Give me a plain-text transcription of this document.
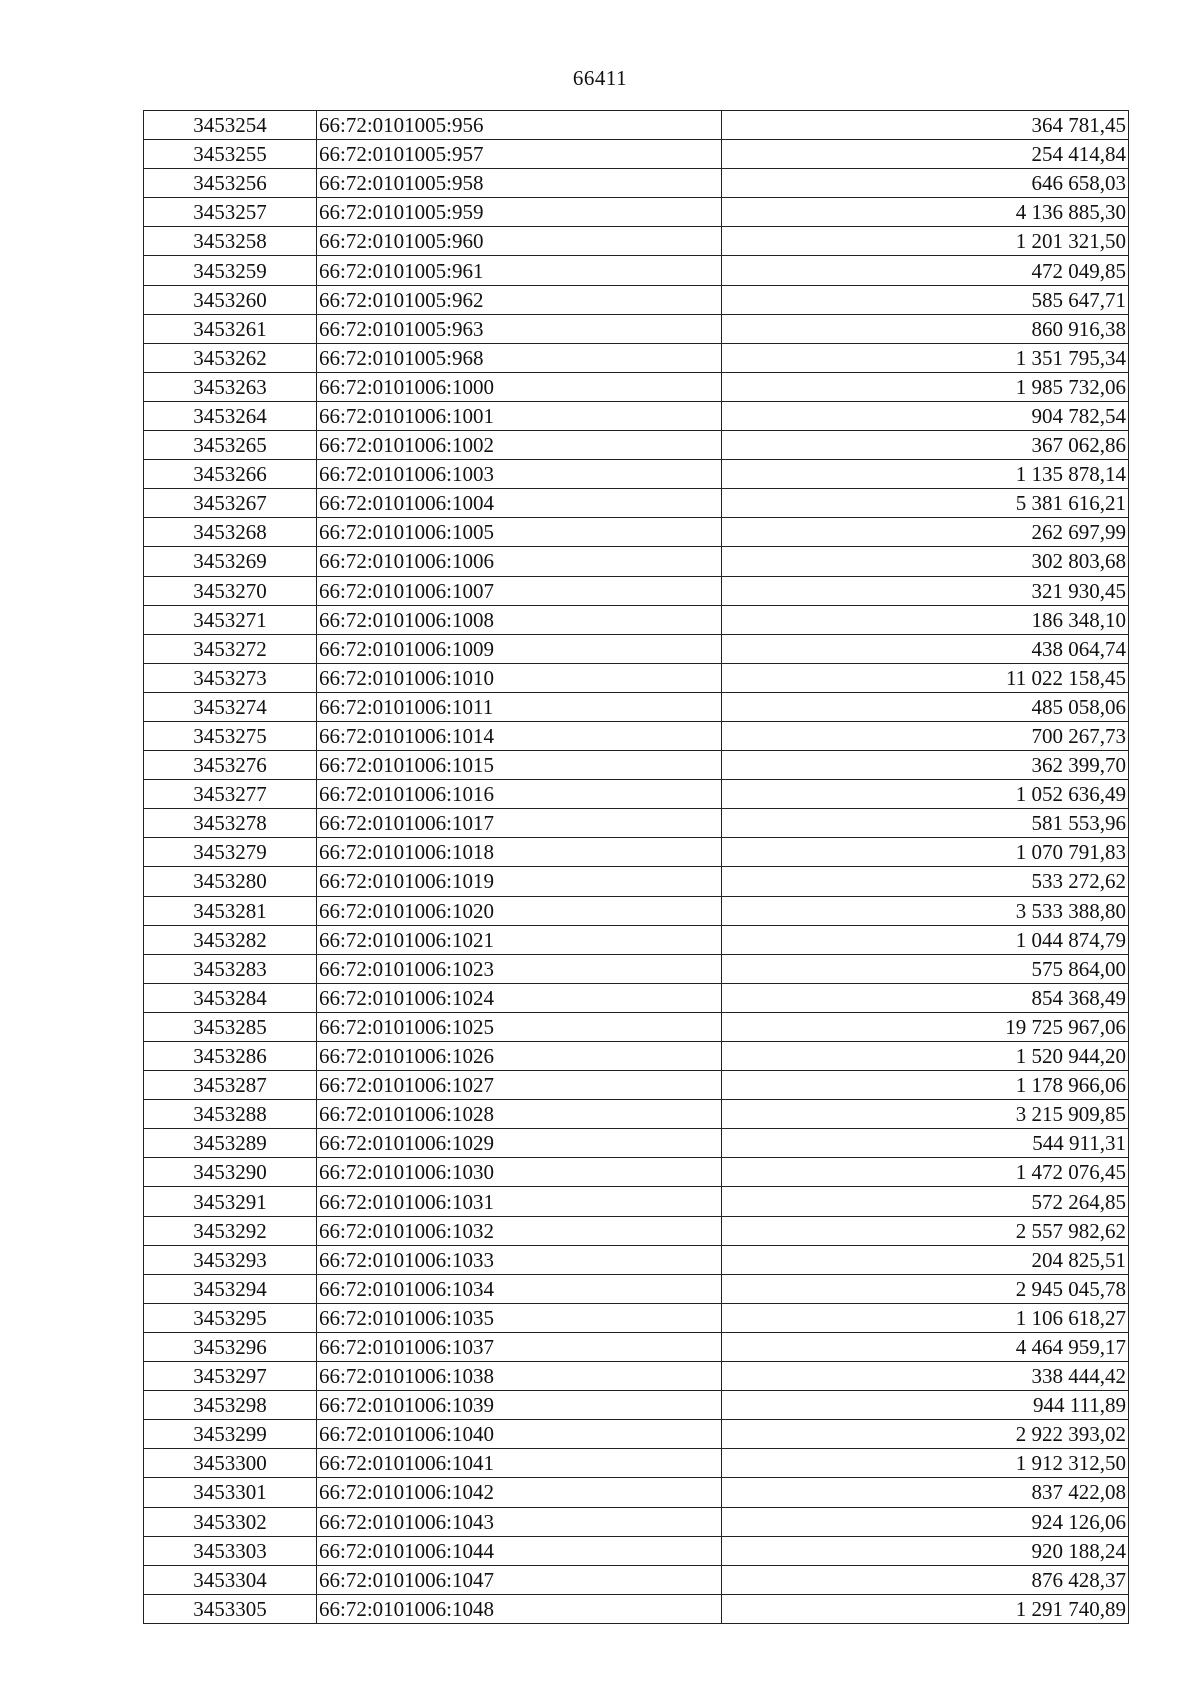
66411
3453254	66:72:0101005:956	364 781,45
3453255	66:72:0101005:957	254 414,84
3453256	66:72:0101005:958	646 658,03
3453257	66:72:0101005:959	4 136 885,30
3453258	66:72:0101005:960	1 201 321,50
3453259	66:72:0101005:961	472 049,85
3453260	66:72:0101005:962	585 647,71
3453261	66:72:0101005:963	860 916,38
3453262	66:72:0101005:968	1 351 795,34
3453263	66:72:0101006:1000	1 985 732,06
3453264	66:72:0101006:1001	904 782,54
3453265	66:72:0101006:1002	367 062,86
3453266	66:72:0101006:1003	1 135 878,14
3453267	66:72:0101006:1004	5 381 616,21
3453268	66:72:0101006:1005	262 697,99
3453269	66:72:0101006:1006	302 803,68
3453270	66:72:0101006:1007	321 930,45
3453271	66:72:0101006:1008	186 348,10
3453272	66:72:0101006:1009	438 064,74
3453273	66:72:0101006:1010	11 022 158,45
3453274	66:72:0101006:1011	485 058,06
3453275	66:72:0101006:1014	700 267,73
3453276	66:72:0101006:1015	362 399,70
3453277	66:72:0101006:1016	1 052 636,49
3453278	66:72:0101006:1017	581 553,96
3453279	66:72:0101006:1018	1 070 791,83
3453280	66:72:0101006:1019	533 272,62
3453281	66:72:0101006:1020	3 533 388,80
3453282	66:72:0101006:1021	1 044 874,79
3453283	66:72:0101006:1023	575 864,00
3453284	66:72:0101006:1024	854 368,49
3453285	66:72:0101006:1025	19 725 967,06
3453286	66:72:0101006:1026	1 520 944,20
3453287	66:72:0101006:1027	1 178 966,06
3453288	66:72:0101006:1028	3 215 909,85
3453289	66:72:0101006:1029	544 911,31
3453290	66:72:0101006:1030	1 472 076,45
3453291	66:72:0101006:1031	572 264,85
3453292	66:72:0101006:1032	2 557 982,62
3453293	66:72:0101006:1033	204 825,51
3453294	66:72:0101006:1034	2 945 045,78
3453295	66:72:0101006:1035	1 106 618,27
3453296	66:72:0101006:1037	4 464 959,17
3453297	66:72:0101006:1038	338 444,42
3453298	66:72:0101006:1039	944 111,89
3453299	66:72:0101006:1040	2 922 393,02
3453300	66:72:0101006:1041	1 912 312,50
3453301	66:72:0101006:1042	837 422,08
3453302	66:72:0101006:1043	924 126,06
3453303	66:72:0101006:1044	920 188,24
3453304	66:72:0101006:1047	876 428,37
3453305	66:72:0101006:1048	1 291 740,89
